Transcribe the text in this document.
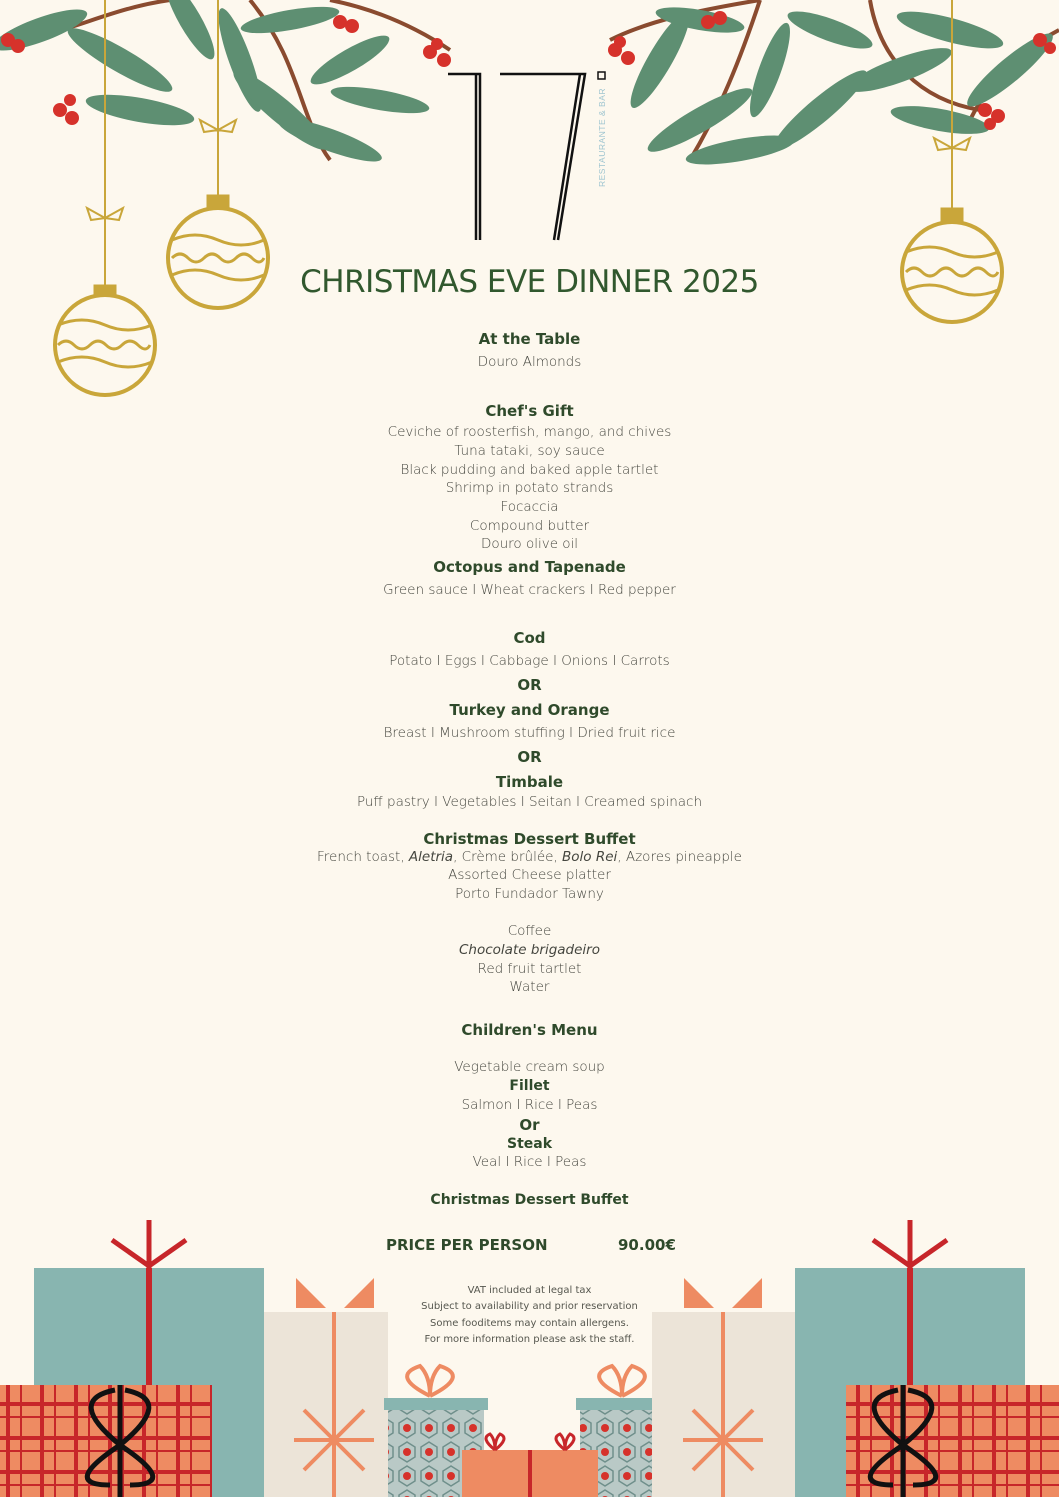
RESTAURANTE & BAR
CHRISTMAS EVE DINNER 2025
At the Table
Douro Almonds
Chef's Gift
Ceviche of roosterfish, mango, and chives
Tuna tataki, soy sauce
Black pudding and baked apple tartlet
Shrimp in potato strands
Focaccia
Compound butter
Douro olive oil
Octopus and Tapenade
Green sauce I Wheat crackers I Red pepper
Cod
Potato I Eggs I Cabbage I Onions I Carrots
OR
Turkey and Orange
Breast I Mushroom stuffing I Dried fruit rice
OR
Timbale
Puff pastry I Vegetables I Seitan I Creamed spinach
Christmas Dessert Buffet
French toast, Aletria, Crème brûlée, Bolo Rei, Azores pineapple
Assorted Cheese platter
Porto Fundador Tawny
Coffee
Chocolate brigadeiro
Red fruit tartlet
Water
Children's Menu
Vegetable cream soup
Fillet
Salmon I Rice I Peas
Or
Steak
Veal I Rice I Peas
Christmas Dessert Buffet
PRICE PER PERSON	90.00€
VAT included at legal tax
Subject to availability and prior reservation
Some fooditems may contain allergens.
For more information please ask the staff.
